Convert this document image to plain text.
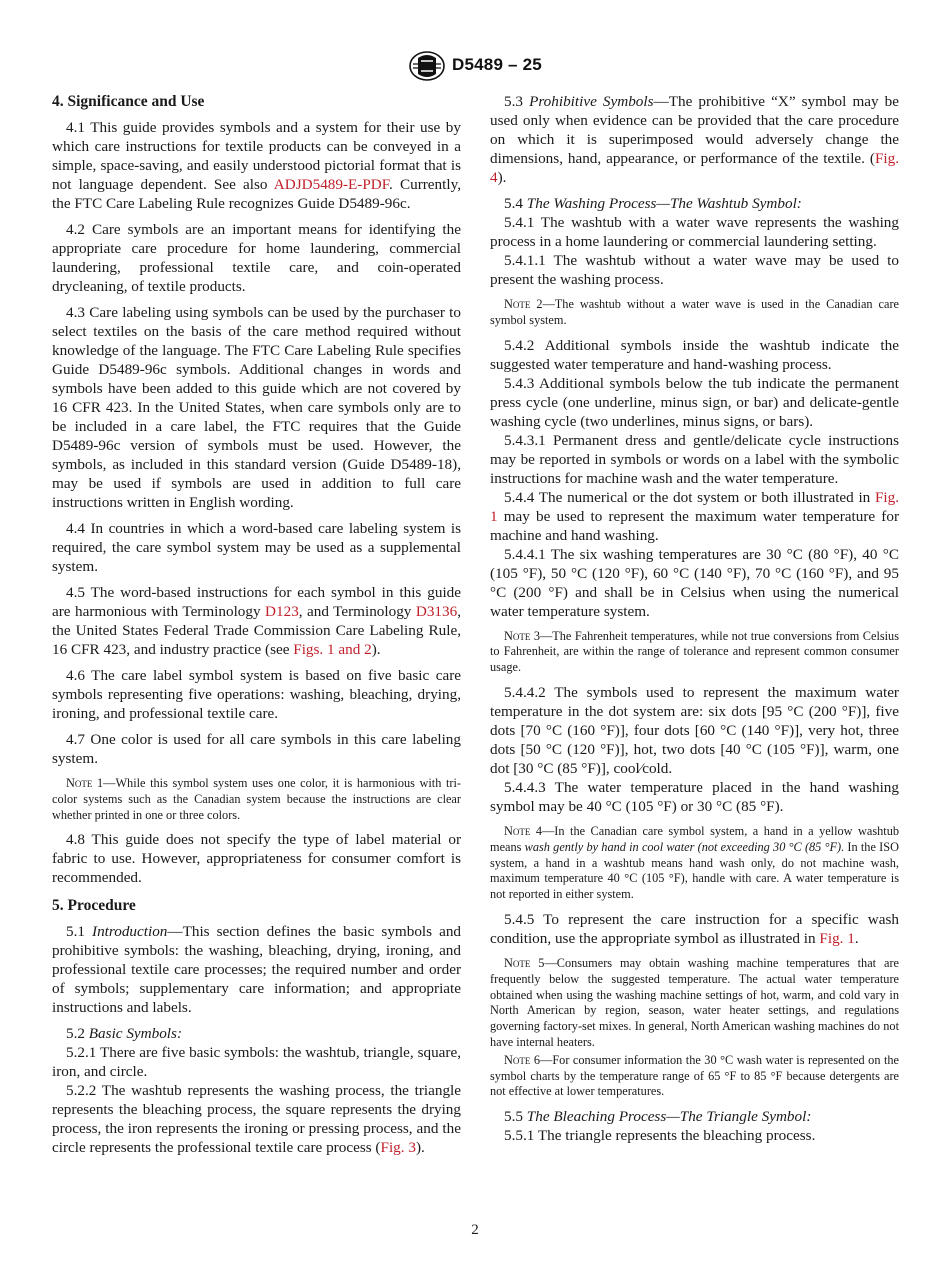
D5489 – 25
4. Significance and Use

4.1 This guide provides symbols and a system for their use by which care instructions for textile products can be conveyed in a simple, space-saving, and easily understood pictorial format that is not language dependent. See also ADJD5489-E-PDF. Currently, the FTC Care Labeling Rule recognizes Guide D5489-96c.

4.2 Care symbols are an important means for identifying the appropriate care procedure for home laundering, commercial laundering, professional textile care, and coin-operated drycleaning, of textile products.

4.3 Care labeling using symbols can be used by the purchaser to select textiles on the basis of the care method required without knowledge of the language. The FTC Care Labeling Rule specifies Guide D5489-96c symbols. Additional changes in words and symbols have been added to this guide which are not covered by 16 CFR 423. In the United States, when care symbols only are to be included in a care label, the FTC requires that the Guide D5489-96c version of symbols must be used. However, the symbols, as included in this standard version (Guide D5489-18), may be used if symbols are used in addition to full care instructions written in English wording.

4.4 In countries in which a word-based care labeling system is required, the care symbol system may be used as a supplemental system.

4.5 The word-based instructions for each symbol in this guide are harmonious with Terminology D123, and Terminology D3136, the United States Federal Trade Commission Care Labeling Rule, 16 CFR 423, and industry practice (see Figs. 1 and 2).

4.6 The care label symbol system is based on five basic care symbols representing five operations: washing, bleaching, drying, ironing, and professional textile care.

4.7 One color is used for all care symbols in this care labeling system.

Note 1—While this symbol system uses one color, it is harmonious with tri-color systems such as the Canadian system because the instructions are clear whether printed in one or three colors.

4.8 This guide does not specify the type of label material or fabric to use. However, appropriateness for consumer comfort is recommended.

5. Procedure

5.1 Introduction—This section defines the basic symbols and prohibitive symbols: the washing, bleaching, drying, ironing, and professional textile care processes; the required number and order of symbols; supplementary care information; and appropriate instructions and labels.

5.2 Basic Symbols:

5.2.1 There are five basic symbols: the washtub, triangle, square, iron, and circle.

5.2.2 The washtub represents the washing process, the triangle represents the bleaching process, the square represents the drying process, the iron represents the ironing or pressing process, and the circle represents the professional textile care process (Fig. 3).

5.3 Prohibitive Symbols—The prohibitive “X” symbol may be used only when evidence can be provided that the care procedure on which it is superimposed would adversely change the dimensions, hand, appearance, or performance of the textile. (Fig. 4).

5.4 The Washing Process—The Washtub Symbol:

5.4.1 The washtub with a water wave represents the washing process in a home laundering or commercial laundering setting.

5.4.1.1 The washtub without a water wave may be used to present the washing process.

Note 2—The washtub without a water wave is used in the Canadian care symbol system.

5.4.2 Additional symbols inside the washtub indicate the suggested water temperature and hand-washing process.

5.4.3 Additional symbols below the tub indicate the permanent press cycle (one underline, minus sign, or bar) and delicate-gentle washing cycle (two underlines, minus signs, or bars).

5.4.3.1 Permanent dress and gentle/delicate cycle instructions may be reported in symbols or words on a label with the symbolic instructions for machine wash and the water temperature.

5.4.4 The numerical or the dot system or both illustrated in Fig. 1 may be used to represent the maximum water temperature for machine and hand washing.

5.4.4.1 The six washing temperatures are 30 °C (80 °F), 40 °C (105 °F), 50 °C (120 °F), 60 °C (140 °F), 70 °C (160 °F), and 95 °C (200 °F) and shall be in Celsius when using the numerical water temperature system.

Note 3—The Fahrenheit temperatures, while not true conversions from Celsius to Fahrenheit, are within the range of tolerance and represent common consumer usage.

5.4.4.2 The symbols used to represent the maximum water temperature in the dot system are: six dots [95 °C (200 °F)], five dots [70 °C (160 °F)], four dots [60 °C (140 °F)], very hot, three dots [50 °C (120 °F)], hot, two dots [40 °C (105 °F)], warm, one dot [30 °C (85 °F)], cool⁄cold.

5.4.4.3 The water temperature placed in the hand washing symbol may be 40 °C (105 °F) or 30 °C (85 °F).

Note 4—In the Canadian care symbol system, a hand in a yellow washtub means wash gently by hand in cool water (not exceeding 30 °C (85 °F). In the ISO system, a hand in a washtub means hand wash only, do not machine wash, maximum temperature 40 °C (105 °F), handle with care. A water temperature is not reported in either system.

5.4.5 To represent the care instruction for a specific wash condition, use the appropriate symbol as illustrated in Fig. 1.

Note 5—Consumers may obtain washing machine temperatures that are frequently below the suggested temperature. The actual water temperature obtained when using the washing machine settings of hot, warm, and cold vary in North American by region, season, water heater settings, and regulations governing factory-set mixes. In general, North American washing machines do not have internal heaters.

Note 6—For consumer information the 30 °C wash water is represented on the symbol charts by the temperature range of 65 °F to 85 °F because detergents are not effective at lower temperatures.

5.5 The Bleaching Process—The Triangle Symbol:

5.5.1 The triangle represents the bleaching process.

2
